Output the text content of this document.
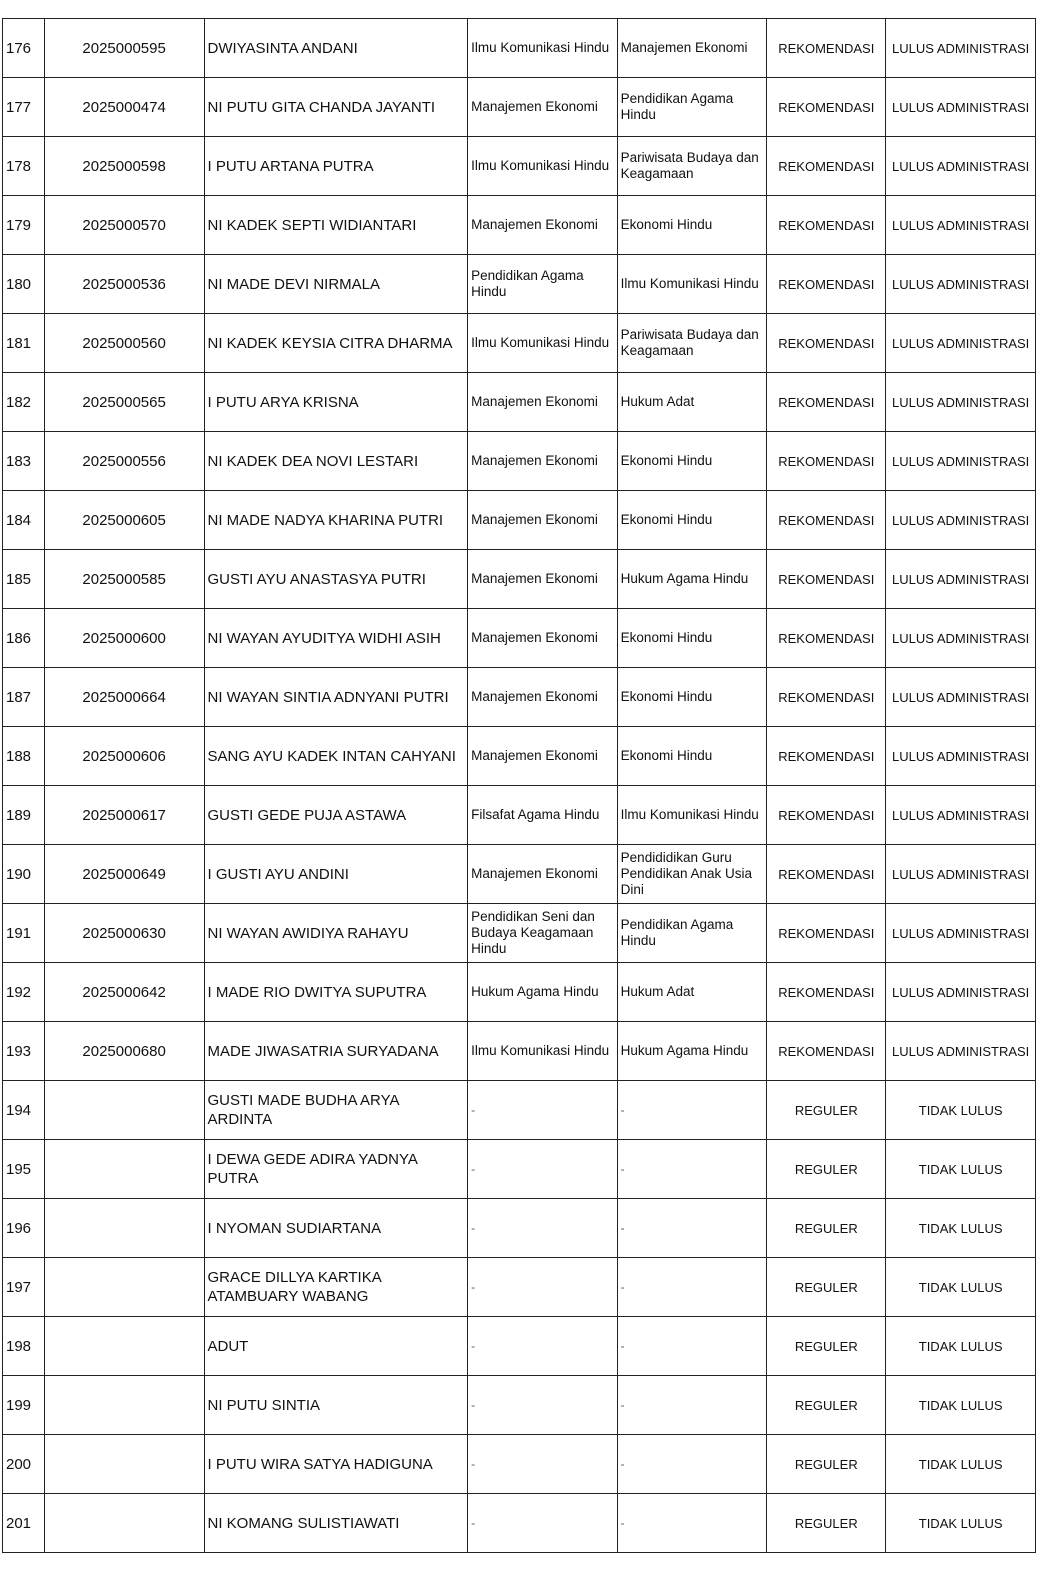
176	2025000595	DWIYASINTA ANDANI	Ilmu Komunikasi Hindu	Manajemen Ekonomi	REKOMENDASI	LULUS ADMINISTRASI
177	2025000474	NI PUTU GITA CHANDA JAYANTI	Manajemen Ekonomi	Pendidikan Agama Hindu	REKOMENDASI	LULUS ADMINISTRASI
178	2025000598	I PUTU ARTANA PUTRA	Ilmu Komunikasi Hindu	Pariwisata Budaya dan Keagamaan	REKOMENDASI	LULUS ADMINISTRASI
179	2025000570	NI KADEK SEPTI WIDIANTARI	Manajemen Ekonomi	Ekonomi Hindu	REKOMENDASI	LULUS ADMINISTRASI
180	2025000536	NI MADE DEVI NIRMALA	Pendidikan Agama Hindu	Ilmu Komunikasi Hindu	REKOMENDASI	LULUS ADMINISTRASI
181	2025000560	NI KADEK KEYSIA CITRA DHARMA	Ilmu Komunikasi Hindu	Pariwisata Budaya dan Keagamaan	REKOMENDASI	LULUS ADMINISTRASI
182	2025000565	I PUTU ARYA KRISNA	Manajemen Ekonomi	Hukum Adat	REKOMENDASI	LULUS ADMINISTRASI
183	2025000556	NI KADEK DEA NOVI LESTARI	Manajemen Ekonomi	Ekonomi Hindu	REKOMENDASI	LULUS ADMINISTRASI
184	2025000605	NI MADE NADYA KHARINA PUTRI	Manajemen Ekonomi	Ekonomi Hindu	REKOMENDASI	LULUS ADMINISTRASI
185	2025000585	GUSTI AYU ANASTASYA PUTRI	Manajemen Ekonomi	Hukum Agama Hindu	REKOMENDASI	LULUS ADMINISTRASI
186	2025000600	NI WAYAN AYUDITYA WIDHI ASIH	Manajemen Ekonomi	Ekonomi Hindu	REKOMENDASI	LULUS ADMINISTRASI
187	2025000664	NI WAYAN SINTIA ADNYANI PUTRI	Manajemen Ekonomi	Ekonomi Hindu	REKOMENDASI	LULUS ADMINISTRASI
188	2025000606	SANG AYU KADEK INTAN CAHYANI	Manajemen Ekonomi	Ekonomi Hindu	REKOMENDASI	LULUS ADMINISTRASI
189	2025000617	GUSTI GEDE PUJA ASTAWA	Filsafat Agama Hindu	Ilmu Komunikasi Hindu	REKOMENDASI	LULUS ADMINISTRASI
190	2025000649	I GUSTI AYU ANDINI	Manajemen Ekonomi	Pendididikan Guru Pendidikan Anak Usia Dini	REKOMENDASI	LULUS ADMINISTRASI
191	2025000630	NI WAYAN AWIDIYA RAHAYU	Pendidikan Seni dan Budaya Keagamaan Hindu	Pendidikan Agama Hindu	REKOMENDASI	LULUS ADMINISTRASI
192	2025000642	I MADE RIO DWITYA SUPUTRA	Hukum Agama Hindu	Hukum Adat	REKOMENDASI	LULUS ADMINISTRASI
193	2025000680	MADE JIWASATRIA SURYADANA	Ilmu Komunikasi Hindu	Hukum Agama Hindu	REKOMENDASI	LULUS ADMINISTRASI
194		GUSTI MADE BUDHA ARYA ARDINTA	-	-	REGULER	TIDAK LULUS
195		I DEWA GEDE ADIRA YADNYA PUTRA	-	-	REGULER	TIDAK LULUS
196		I NYOMAN SUDIARTANA	-	-	REGULER	TIDAK LULUS
197		GRACE DILLYA KARTIKA ATAMBUARY WABANG	-	-	REGULER	TIDAK LULUS
198		ADUT	-	-	REGULER	TIDAK LULUS
199		NI PUTU SINTIA	-	-	REGULER	TIDAK LULUS
200		I PUTU WIRA SATYA HADIGUNA	-	-	REGULER	TIDAK LULUS
201		NI KOMANG SULISTIAWATI	-	-	REGULER	TIDAK LULUS
